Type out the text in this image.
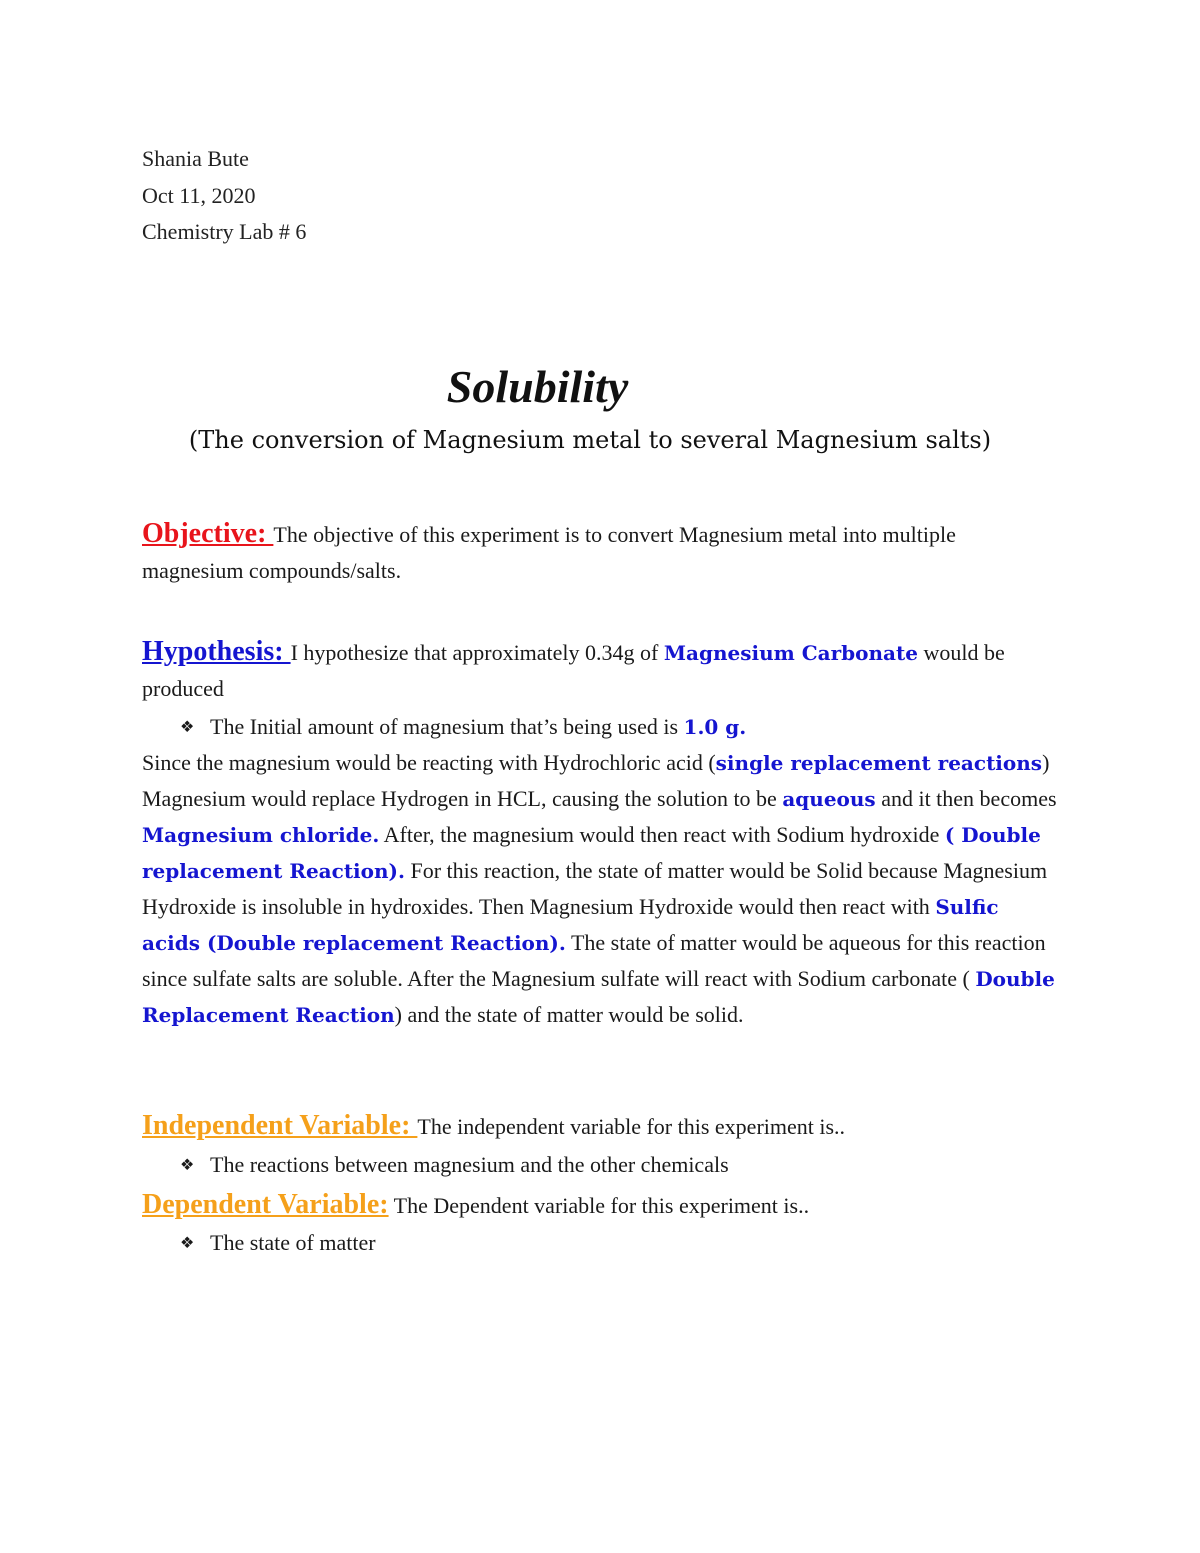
Shania Bute
Oct 11, 2020
Chemistry Lab # 6
Solubility
(The conversion of Magnesium metal to several Magnesium salts)
Objective: The objective of this experiment is to convert Magnesium metal into multiple magnesium compounds/salts.
Hypothesis: I hypothesize that approximately 0.34g of Magnesium Carbonate would be produced
❖ The Initial amount of magnesium that’s being used is 1.0 g.
Since the magnesium would be reacting with Hydrochloric acid (single replacement reactions) Magnesium would replace Hydrogen in HCL, causing the solution to be aqueous and it then becomes Magnesium chloride. After, the magnesium would then react with Sodium hydroxide ( Double replacement Reaction). For this reaction, the state of matter would be Solid because Magnesium Hydroxide is insoluble in hydroxides. Then Magnesium Hydroxide would then react with Sulfic acids (Double replacement Reaction). The state of matter would be aqueous for this reaction since sulfate salts are soluble. After the Magnesium sulfate will react with Sodium carbonate ( Double Replacement Reaction) and the state of matter would be solid.
Independent Variable: The independent variable for this experiment is..
❖ The reactions between magnesium and the other chemicals
Dependent Variable: The Dependent variable for this experiment is..
❖ The state of matter
